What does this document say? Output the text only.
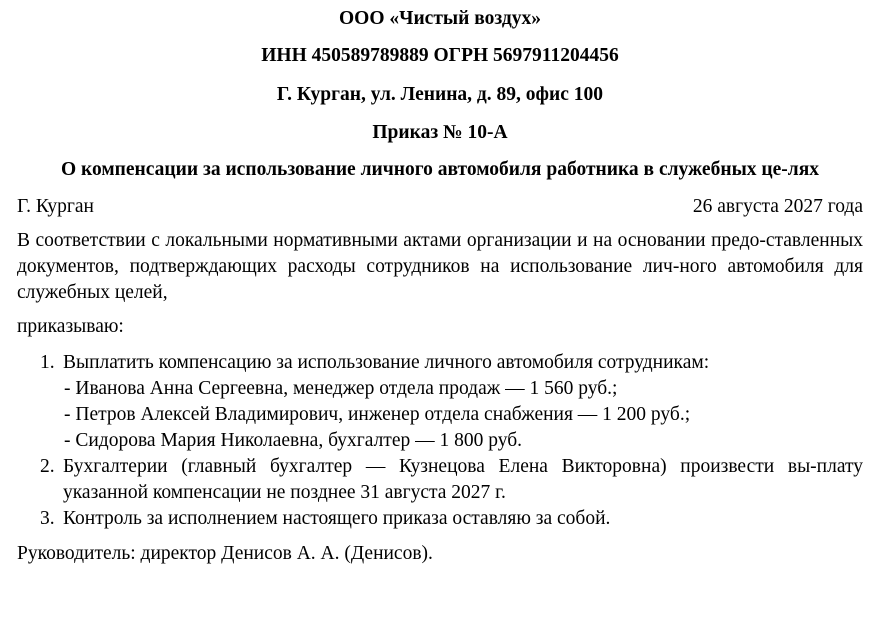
ООО «Чистый воздух»

ИНН 450589789889 ОГРН 5697911204456

Г. Курган, ул. Ленина, д. 89, офис 100

Приказ № 10-А

О компенсации за использование личного автомобиля работника в служебных це-лях

Г. Курган	26 августа 2027 года

В соответствии с локальными нормативными актами организации и на основании предо-ставленных документов, подтверждающих расходы сотрудников на использование лич-ного автомобиля для служебных целей,

приказываю:

1. Выплатить компенсацию за использование личного автомобиля сотрудникам:
- Иванова Анна Сергеевна, менеджер отдела продаж — 1 560 руб.;
- Петров Алексей Владимирович, инженер отдела снабжения — 1 200 руб.;
- Сидорова Мария Николаевна, бухгалтер — 1 800 руб.
2. Бухгалтерии (главный бухгалтер — Кузнецова Елена Викторовна) произвести вы-плату указанной компенсации не позднее 31 августа 2027 г.
3. Контроль за исполнением настоящего приказа оставляю за собой.

Руководитель: директор Денисов А. А. (Денисов).
